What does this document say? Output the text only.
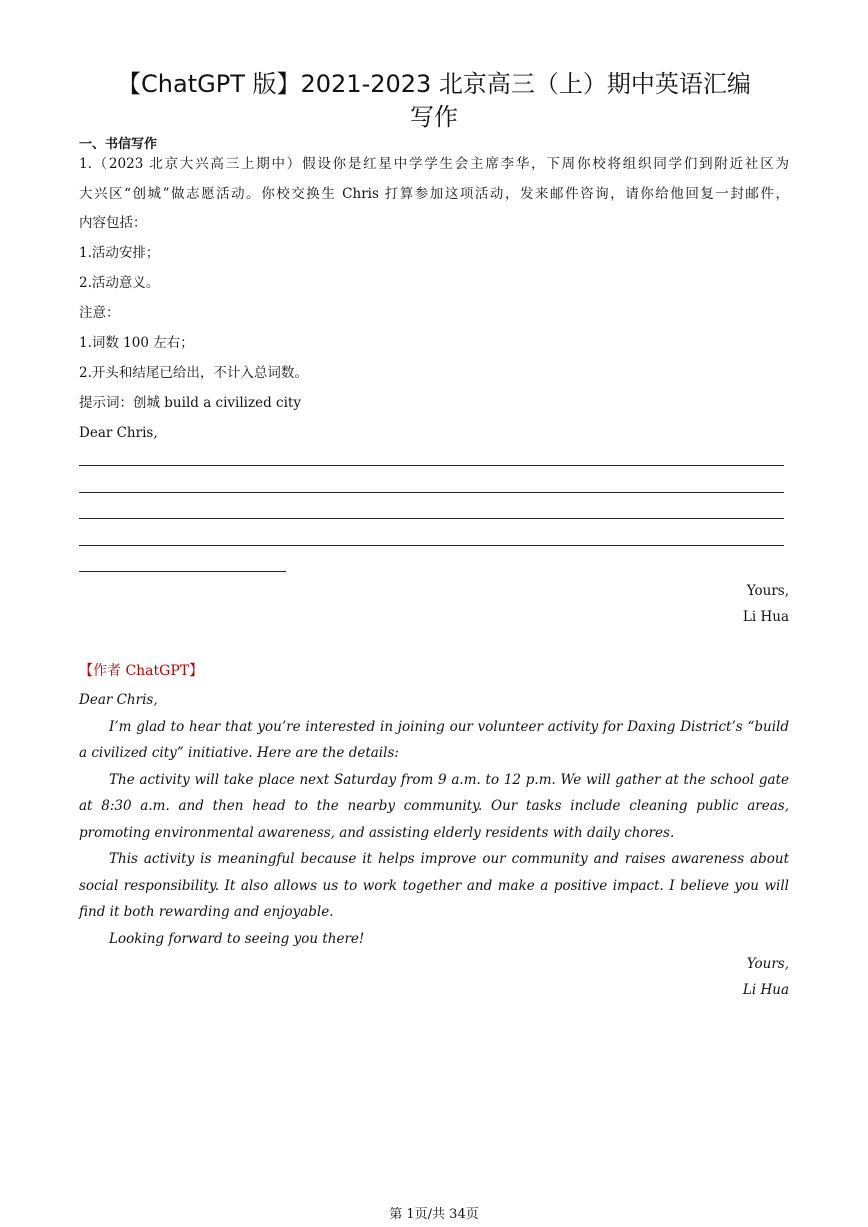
【ChatGPT 版】2021-2023 北京高三（上）期中英语汇编
写作
一、书信写作
1.（2023 北京大兴高三上期中）假设你是红星中学学生会主席李华，下周你校将组织同学们到附近社区为
大兴区“创城”做志愿活动。你校交换生 Chris 打算参加这项活动，发来邮件咨询，请你给他回复一封邮件，
内容包括：
1.活动安排；
2.活动意义。
注意：
1.词数 100 左右；
2.开头和结尾已给出，不计入总词数。
提示词：创城 build a civilized city
Dear Chris,
Yours,
Li Hua
【作者 ChatGPT】

Dear Chris,

I’m glad to hear that you’re interested in joining our volunteer activity for Daxing District’s “build a civilized city” initiative. Here are the details:

The activity will take place next Saturday from 9 a.m. to 12 p.m. We will gather at the school gate at 8:30 a.m. and then head to the nearby community. Our tasks include cleaning public areas, promoting environmental awareness, and assisting elderly residents with daily chores.

This activity is meaningful because it helps improve our community and raises awareness about social responsibility. It also allows us to work together and make a positive impact. I believe you will find it both rewarding and enjoyable.

Looking forward to seeing you there!

Yours,
Li Hua
第 1页/共 34页
